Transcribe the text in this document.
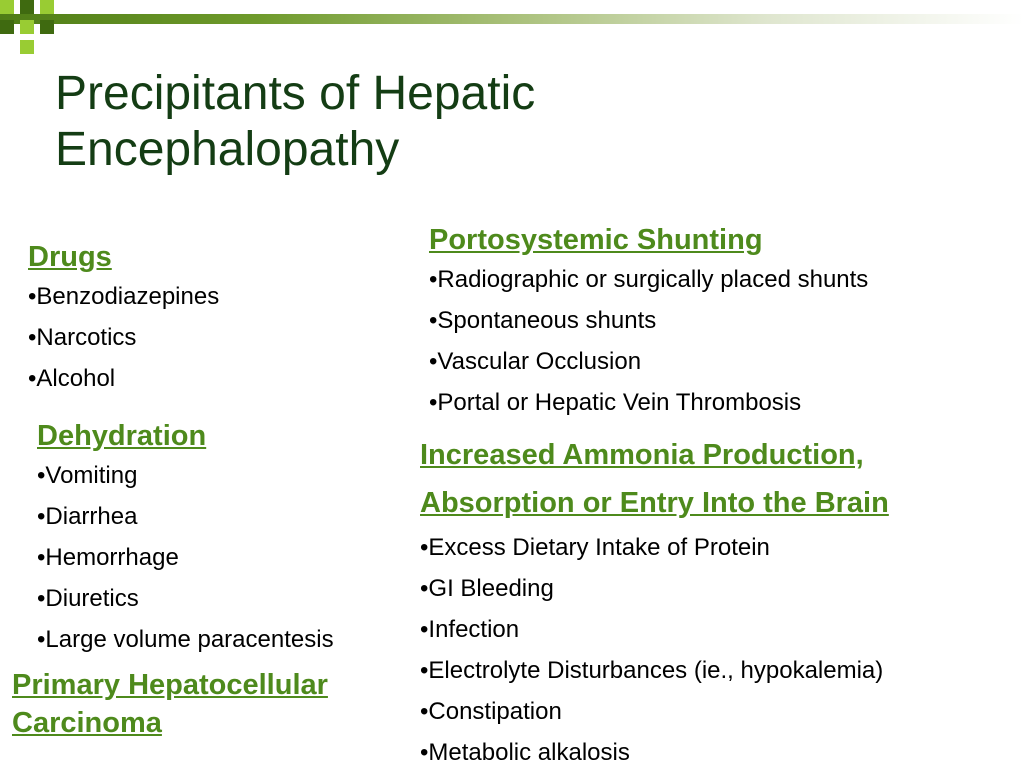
Precipitants of Hepatic
Encephalopathy
Drugs
•Benzodiazepines
•Narcotics
•Alcohol
Dehydration
•Vomiting
•Diarrhea
•Hemorrhage
•Diuretics
•Large volume paracentesis
Primary Hepatocellular
Carcinoma
Portosystemic Shunting
•Radiographic or surgically placed shunts
•Spontaneous shunts
•Vascular Occlusion
•Portal or Hepatic Vein Thrombosis
Increased Ammonia Production,
Absorption or Entry Into the Brain
•Excess Dietary Intake of Protein
•GI Bleeding
•Infection
•Electrolyte Disturbances (ie., hypokalemia)
•Constipation
•Metabolic alkalosis
